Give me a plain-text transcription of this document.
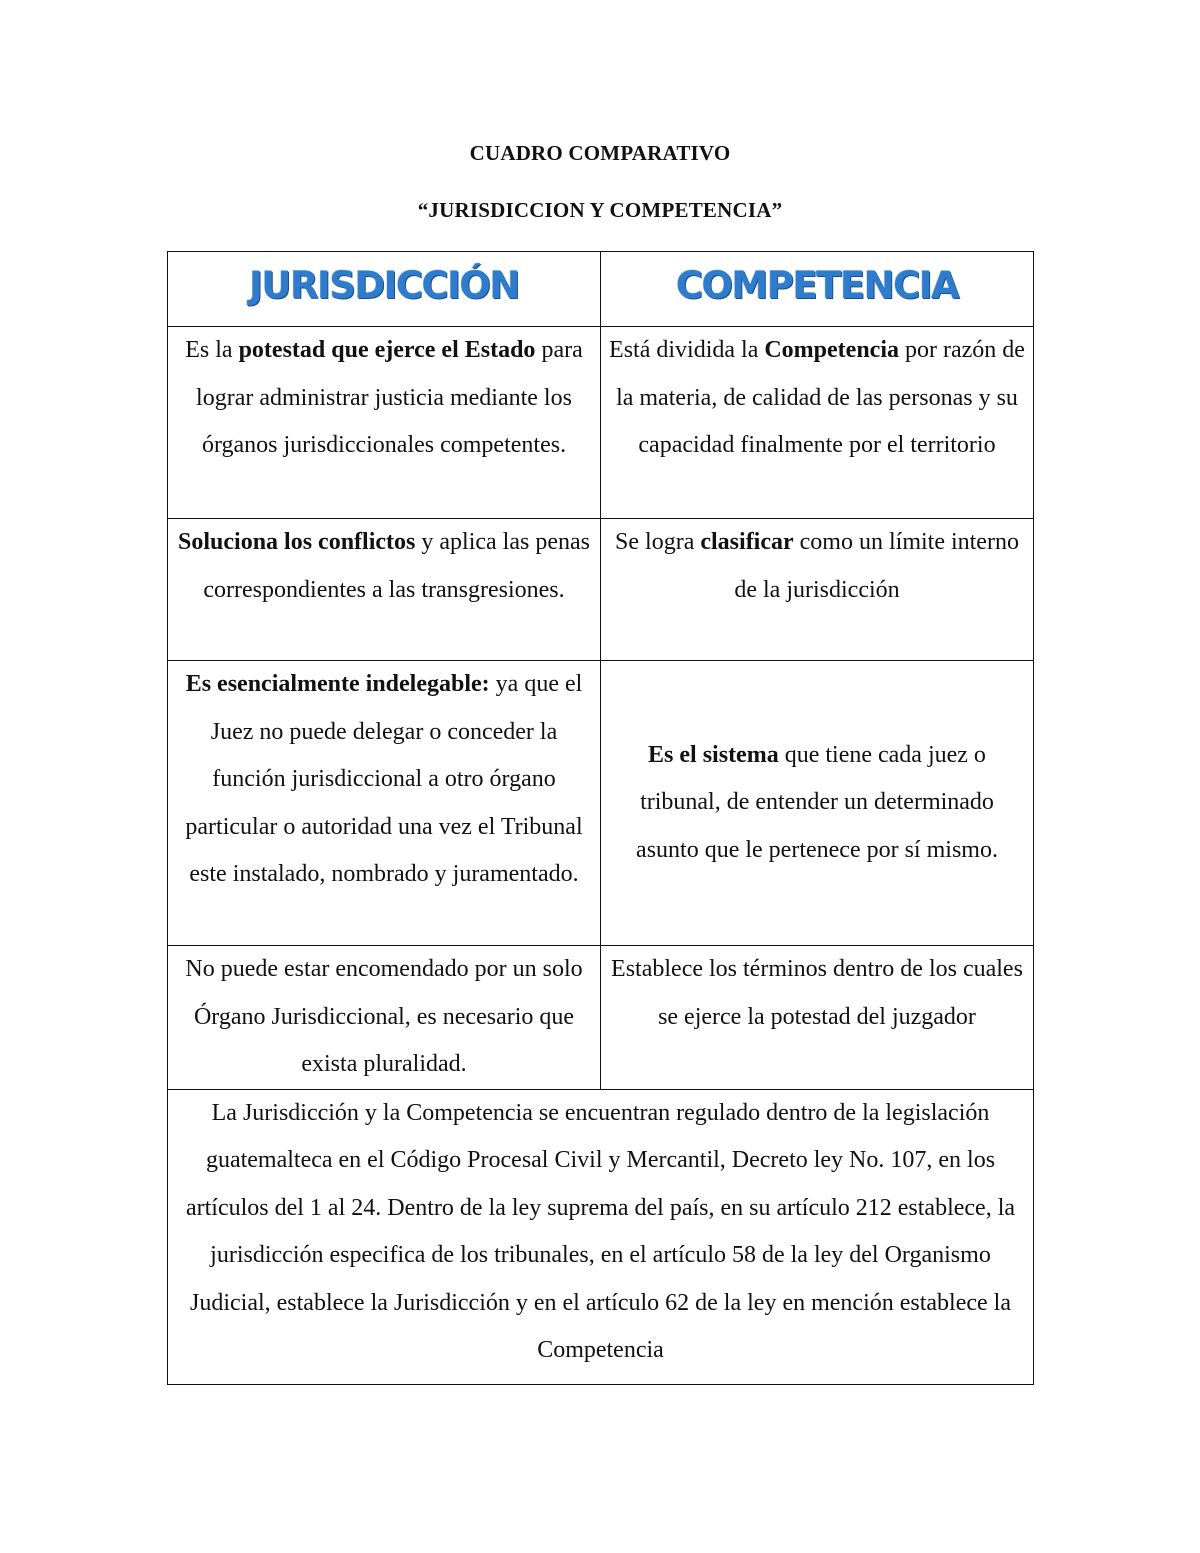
CUADRO COMPARATIVO
“JURISDICCION Y COMPETENCIA”
JURISDICCIÓN	COMPETENCIA
Es la potestad que ejerce el Estado para lograr administrar justicia mediante los órganos jurisdiccionales competentes.	Está dividida la Competencia por razón de la materia, de calidad de las personas y su capacidad finalmente por el territorio
Soluciona los conflictos y aplica las penas correspondientes a las transgresiones.	Se logra clasificar como un límite interno de la jurisdicción
Es esencialmente indelegable: ya que el Juez no puede delegar o conceder la función jurisdiccional a otro órgano particular o autoridad una vez el Tribunal este instalado, nombrado y juramentado.	Es el sistema que tiene cada juez o tribunal, de entender un determinado asunto que le pertenece por sí mismo.
No puede estar encomendado por un solo Órgano Jurisdiccional, es necesario que exista pluralidad.	Establece los términos dentro de los cuales se ejerce la potestad del juzgador
La Jurisdicción y la Competencia se encuentran regulado dentro de la legislación guatemalteca en el Código Procesal Civil y Mercantil, Decreto ley No. 107, en los artículos del 1 al 24. Dentro de la ley suprema del país, en su artículo 212 establece, la jurisdicción especifica de los tribunales, en el artículo 58 de la ley del Organismo Judicial, establece la Jurisdicción y en el artículo 62 de la ley en mención establece la Competencia	
